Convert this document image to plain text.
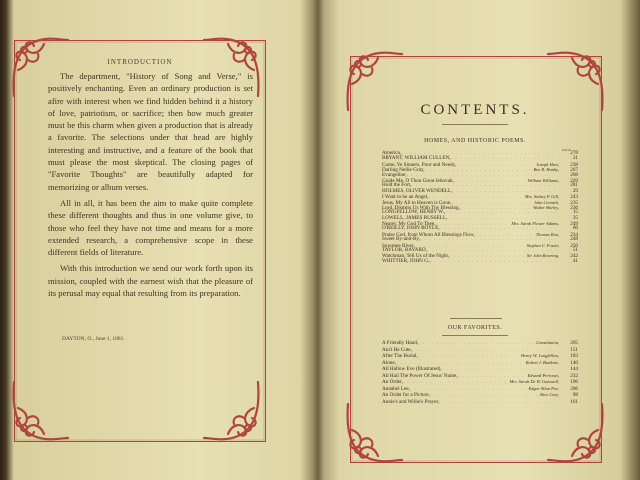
INTRODUCTION

The department, "History of Song and Verse," is positively enchanting. Even an ordinary production is set afire with interest when we find hidden behind it a history of love, patriotism, or sacrifice; then how much greater must be this charm when given a production that is already a favorite. The selections under that head are highly interesting and instructive, and a feature of the book that must please the most skeptical. The closing pages of "Favorite Thoughts" are beautifully adapted for memorizing or album verses.

All in all, it has been the aim to make quite complete these different thoughts and thus in one volume give, to those who feel they have not time and means for a more extended research, a comprehensive scope in these different fields of literature.

With this introduction we send our work forth upon its mission, coupled with the earnest wish that the pleasure of its perusal may equal that resulting from its preparation.

DAYTON, O., June 1, 1881.
CONTENTS.
HOMES, AND HISTORIC POEMS.
PAGE
America, . . .	278
BRYANT, WILLIAM CULLEN, . . .	31
Come, Ye Sinners, Poor and Needy, . . .	Joseph Hart,	238
Darling Nellie Gray, . . .	Ben R. Hanby,	267
Evangeline, . . .	268
Guide Me, O Thou Great Jehovah, . . .	William Williams,	229
Hold the Fort, . . .	281
HOLMES, OLIVER WENDELL, . . .	29
I Want to be an Angel, . . .	Mrs. Sidney P. Gill,	243
Jesus, My All to Heaven is Gone, . . .	John Cennick,	235
Lord, Dismiss Us With Thy Blessing, . . .	Walter Shirley,	236
LONGFELLOW, HENRY W., . . .	15
LOWELL, JAMES RUSSELL, . . .	35
Nearer, My God To Thee, . . .	Mrs. Sarah Flower Adams,	249
O'REILLY, JOHN BOYLE, . . .	60
Praise God, from Whom All Blessings Flow, . . .	Thomas Ken,	234
Sweet By-and-By, . . .	248
Suwanee River, . . .	Stephen C. Foster,	250
TAYLOR, BAYARD, . . .	51
Watchman, Tell Us of the Night, . . .	Sir John Bowring,	242
WHITTIER, JOHN G., . . .	41
OUR FAVORITES.
A Friendly Hand, . . .	Constitution,	205
Ain't He Cute, . . .	151
After The Burial, . . .	Henry W. Longfellow,	183
Alone, . . .	Robert J. Burdette,	140
All Hallow Eve (Illustrated), . . .	144
All Hail The Power Of Jesus' Name, . . .	Edward Perronet,	232
An Order, . . .	Mrs. Sarah De W. Gamwell,	196
Annabel Lee, . . .	Edgar Allan Poe,	206
An Order for a Picture, . . .	Alice Cary,	98
Annie's and Willie's Prayer, . . .	161
